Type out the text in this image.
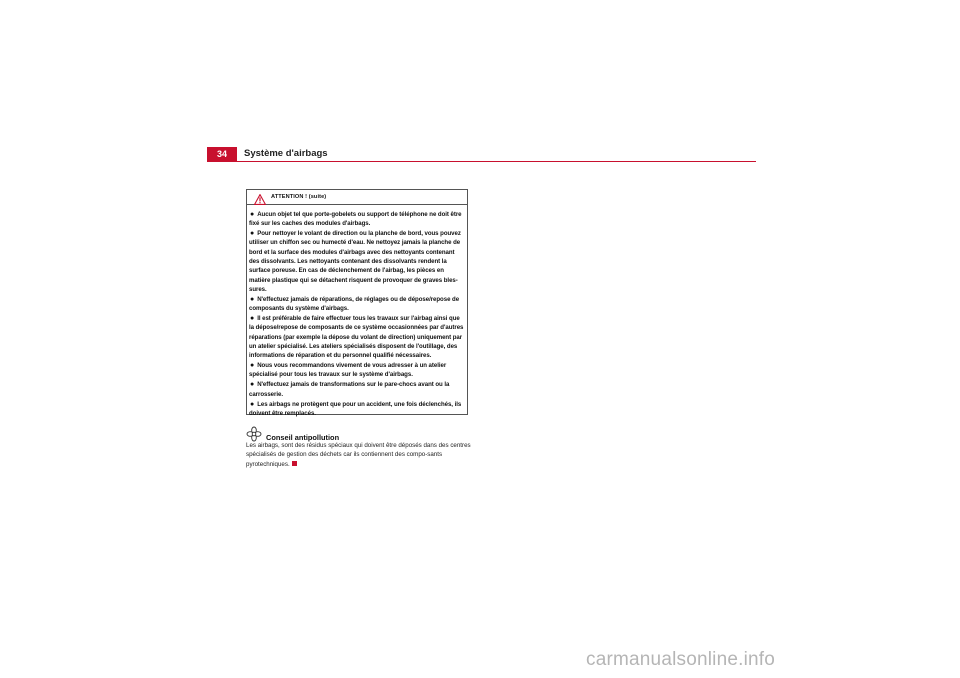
34	Système d'airbags
ATTENTION ! (suite)

● Aucun objet tel que porte-gobelets ou support de téléphone ne doit être fixé sur les caches des modules d'airbags.

● Pour nettoyer le volant de direction ou la planche de bord, vous pouvez utiliser un chiffon sec ou humecté d'eau. Ne nettoyez jamais la planche de bord et la surface des modules d'airbags avec des nettoyants contenant des dissolvants. Les nettoyants contenant des dissolvants rendent la surface poreuse. En cas de déclenchement de l'airbag, les pièces en matière plastique qui se détachent risquent de provoquer de graves bles-sures.

● N'effectuez jamais de réparations, de réglages ou de dépose/repose de composants du système d'airbags.

● Il est préférable de faire effectuer tous les travaux sur l'airbag ainsi que la dépose/repose de composants de ce système occasionnées par d'autres réparations (par exemple la dépose du volant de direction) uniquement par un atelier spécialisé. Les ateliers spécialisés disposent de l'outillage, des informations de réparation et du personnel qualifié nécessaires.

● Nous vous recommandons vivement de vous adresser à un atelier spécialisé pour tous les travaux sur le système d'airbags.

● N'effectuez jamais de transformations sur le pare-chocs avant ou la carrosserie.

● Les airbags ne protègent que pour un accident, une fois déclenchés, ils doivent être remplacés.

Conseil antipollution
Les airbags, sont des résidus spéciaux qui doivent être déposés dans des centres spécialisés de gestion des déchets car ils contiennent des compo-sants pyrotechniques.
carmanualsonline.info
